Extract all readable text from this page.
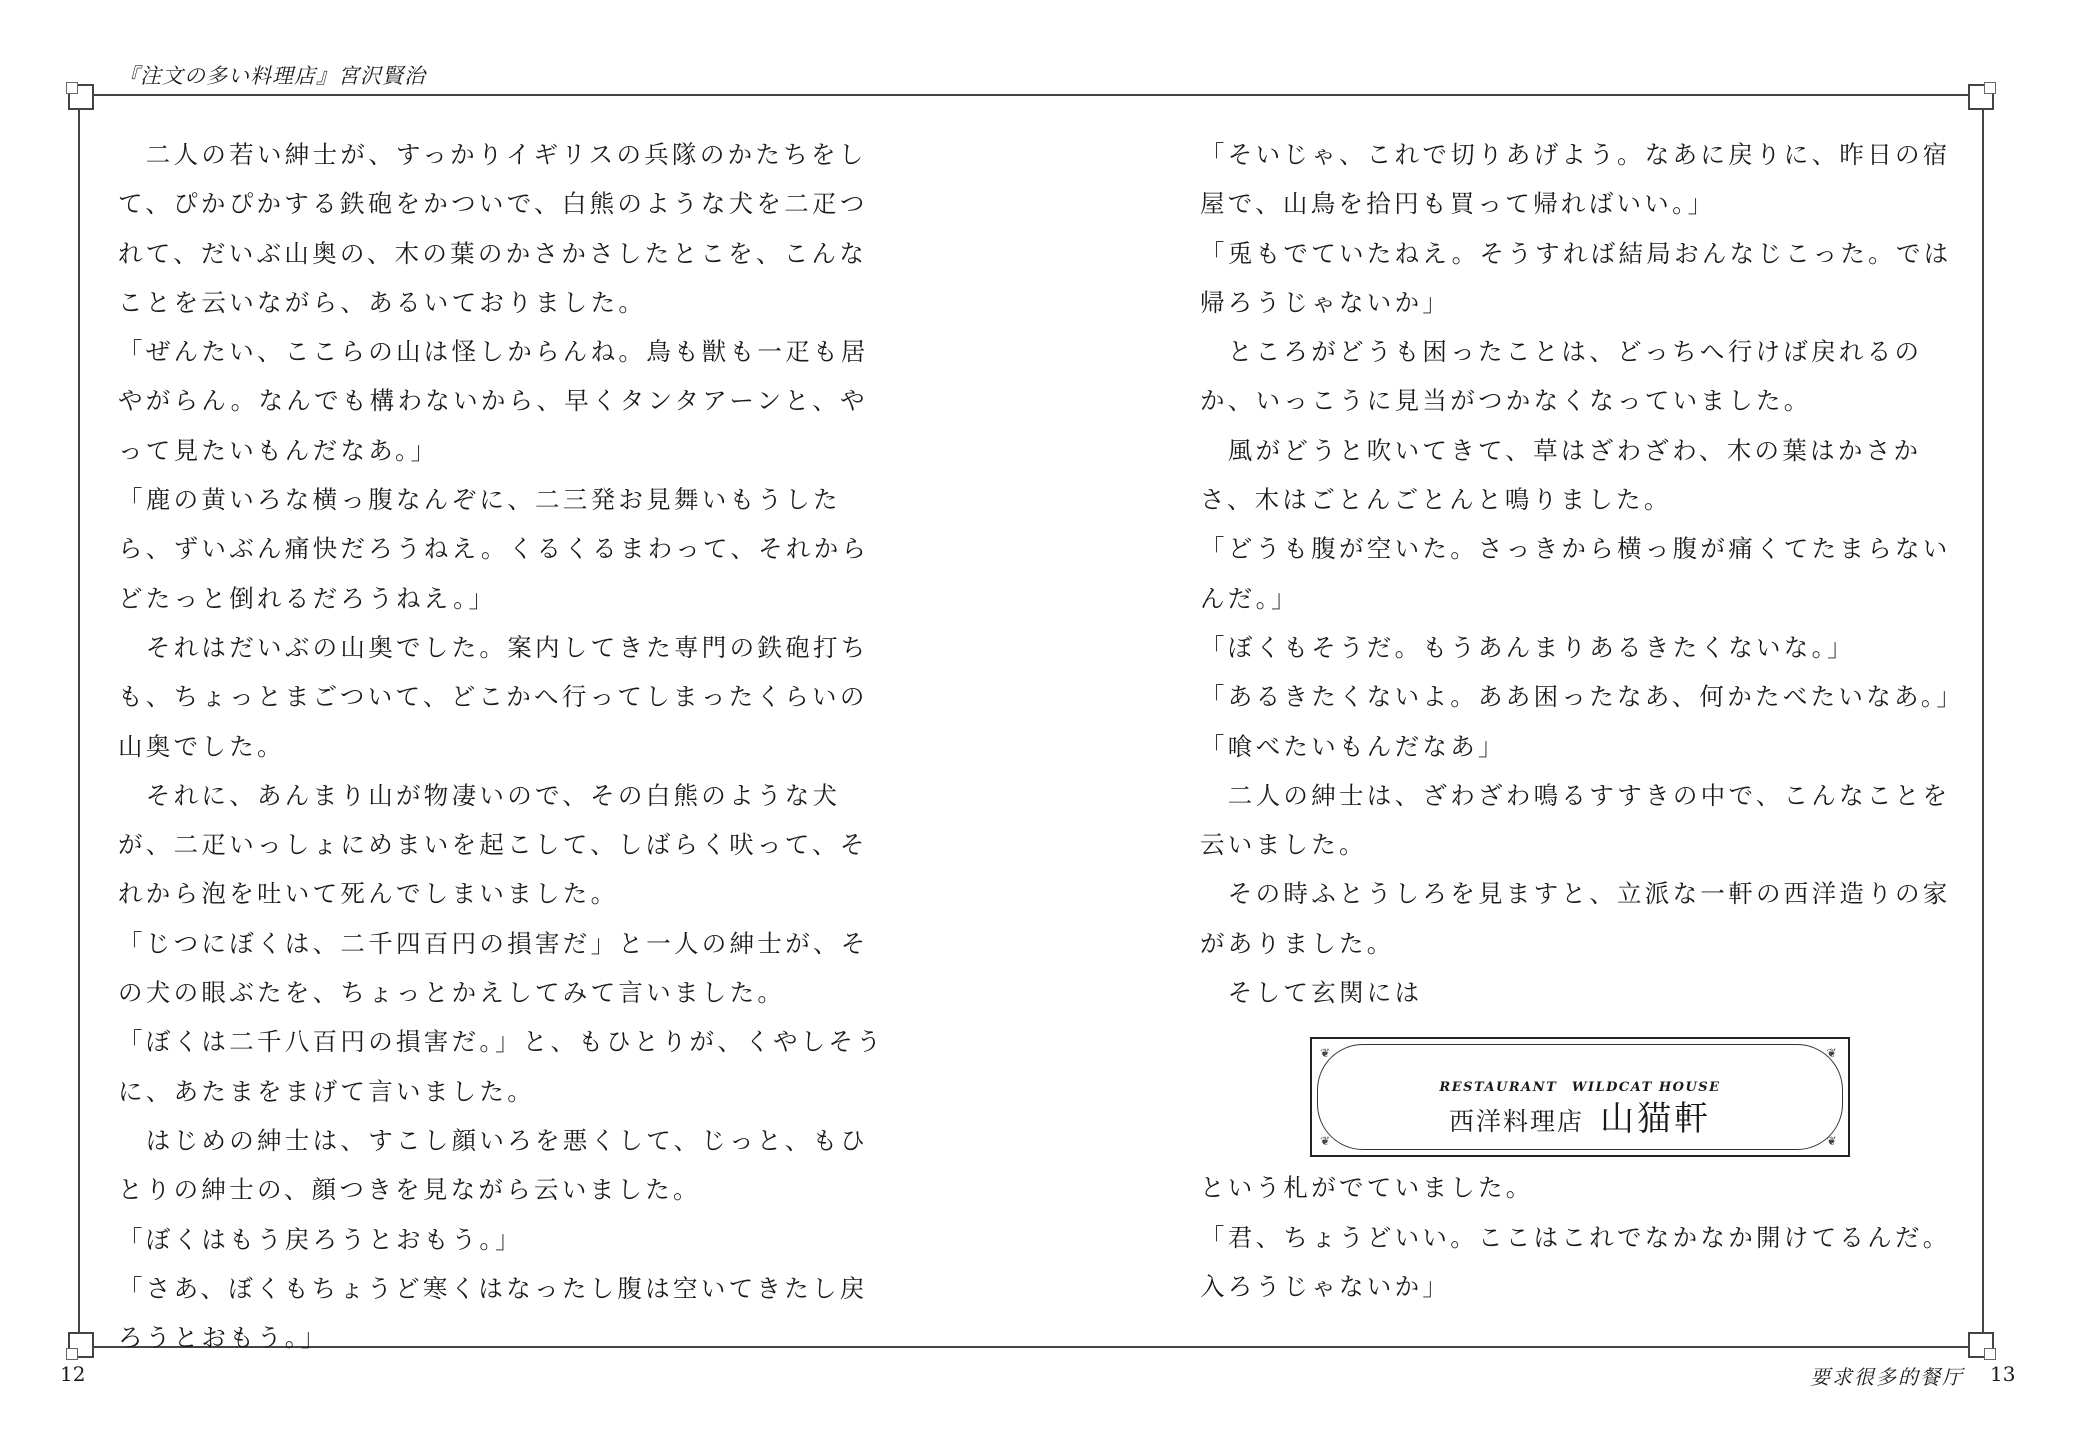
『注文の多い料理店』宮沢賢治

　二人の若い紳士が、すっかりイギリスの兵隊のかたちをして、ぴかぴかする鉄砲をかついで、白熊のような犬を二疋つれて、だいぶ山奥の、木の葉のかさかさしたとこを、こんなことを云いながら、あるいておりました。

「ぜんたい、ここらの山は怪しからんね。鳥も獣も一疋も居やがらん。なんでも構わないから、早くタンタアーンと、やって見たいもんだなあ。」

「鹿の黄いろな横っ腹なんぞに、二三発お見舞いもうしたら、ずいぶん痛快だろうねえ。くるくるまわって、それからどたっと倒れるだろうねえ。」

　それはだいぶの山奥でした。案内してきた専門の鉄砲打ちも、ちょっとまごついて、どこかへ行ってしまったくらいの山奥でした。

　それに、あんまり山が物凄いので、その白熊のような犬が、二疋いっしょにめまいを起こして、しばらく吠って、それから泡を吐いて死んでしまいました。

「じつにぼくは、二千四百円の損害だ」と一人の紳士が、その犬の眼ぶたを、ちょっとかえしてみて言いました。

「ぼくは二千八百円の損害だ。」と、もひとりが、くやしそうに、あたまをまげて言いました。

　はじめの紳士は、すこし顔いろを悪くして、じっと、もひとりの紳士の、顔つきを見ながら云いました。

「ぼくはもう戻ろうとおもう。」

「さあ、ぼくもちょうど寒くはなったし腹は空いてきたし戻ろうとおもう。」

「そいじゃ、これで切りあげよう。なあに戻りに、昨日の宿屋で、山鳥を拾円も買って帰ればいい。」

「兎もでていたねえ。そうすれば結局おんなじこった。では帰ろうじゃないか」

　ところがどうも困ったことは、どっちへ行けば戻れるのか、いっこうに見当がつかなくなっていました。

　風がどうと吹いてきて、草はざわざわ、木の葉はかさかさ、木はごとんごとんと鳴りました。

「どうも腹が空いた。さっきから横っ腹が痛くてたまらないんだ。」

「ぼくもそうだ。もうあんまりあるきたくないな。」

「あるきたくないよ。ああ困ったなあ、何かたべたいなあ。」

「喰べたいもんだなあ」

　二人の紳士は、ざわざわ鳴るすすきの中で、こんなことを云いました。

　その時ふとうしろを見ますと、立派な一軒の西洋造りの家がありました。

　そして玄関には

❦	❦
❦	❦
RESTAURANT　WILDCAT HOUSE
西洋料理店 山猫軒

という札がでていました。

「君、ちょうどいい。ここはこれでなかなか開けてるんだ。入ろうじゃないか」

12	要求很多的餐厅 13
